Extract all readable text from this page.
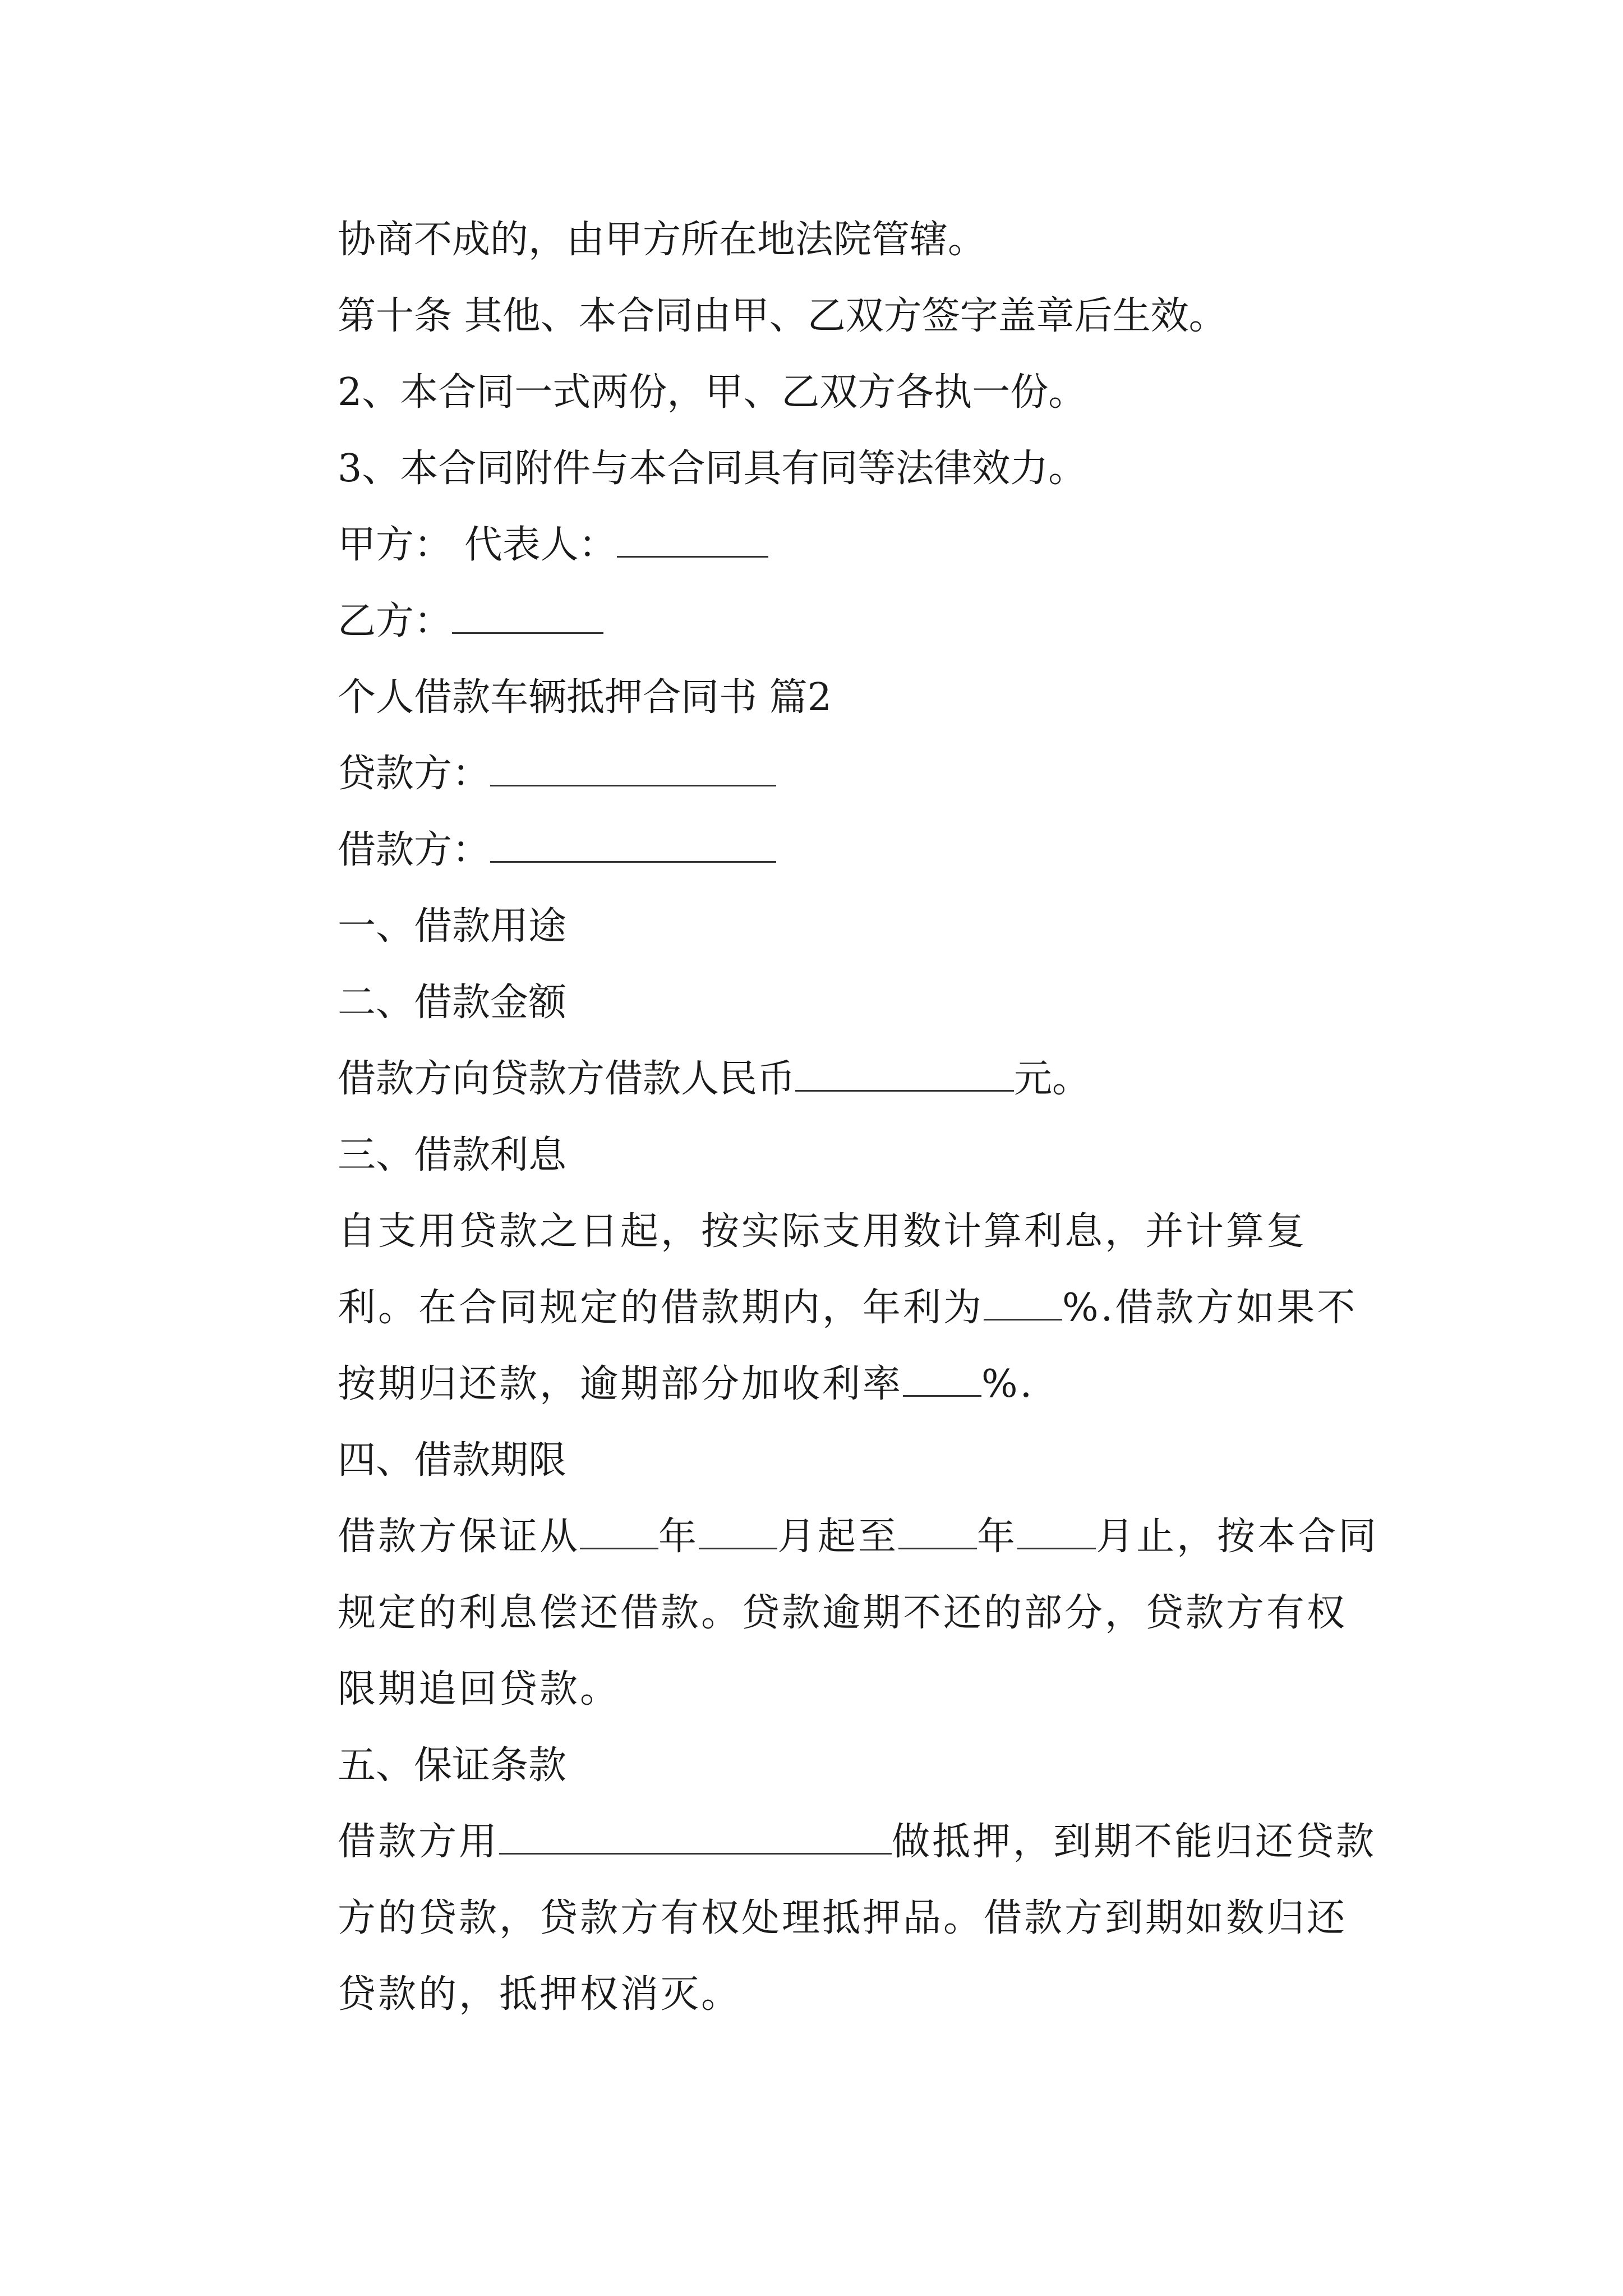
协商不成的，由甲方所在地法院管辖。

第十条 其他、本合同由甲、乙双方签字盖章后生效。

2、本合同一式两份，甲、乙双方各执一份。

3、本合同附件与本合同具有同等法律效力。

甲方： 代表人：

乙方：

个人借款车辆抵押合同书 篇2

贷款方：

借款方：

一、借款用途

二、借款金额

借款方向贷款方借款人民币	元。

三、借款利息

自支用贷款之日起，按实际支用数计算利息，并计算复利。在合同规定的借款期内，年利为 %.借款方如果不按期归还款，逾期部分加收利率 %.

四、借款期限

借款方保证从 年 月起至 年 月止，按本合同规定的利息偿还借款。贷款逾期不还的部分，贷款方有权限期追回贷款。

五、保证条款

借款方用	做抵押，到期不能归还贷款方的贷款，贷款方有权处理抵押品。借款方到期如数归还贷款的，抵押权消灭。
